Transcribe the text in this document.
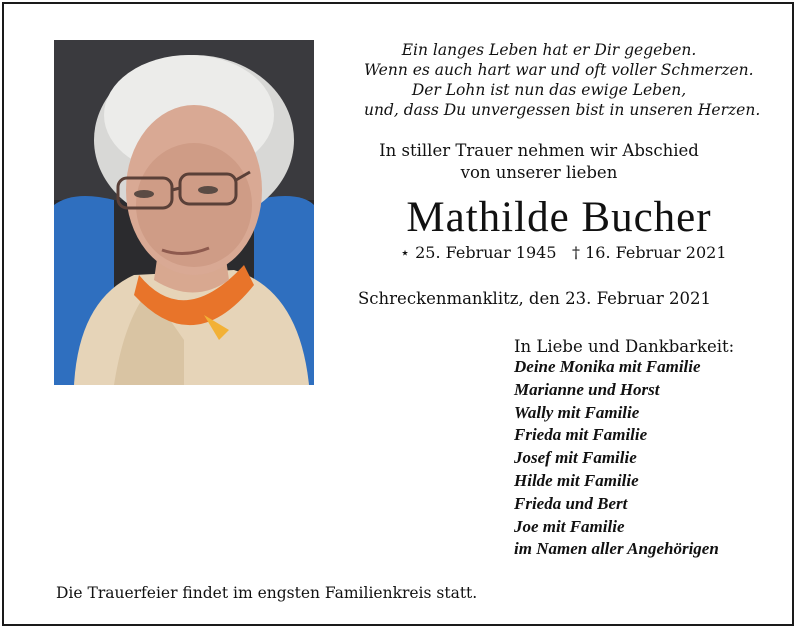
Ein langes Leben hat er Dir gegeben.
Wenn es auch hart war und oft voller Schmerzen.
Der Lohn ist nun das ewige Leben,
und, dass Du unvergessen bist in unseren Herzen.
In stiller Trauer nehmen wir Abschied
von unserer lieben
Mathilde Bucher
⋆ 25. Februar 1945 † 16. Februar 2021
Schreckenmanklitz, den 23. Februar 2021
In Liebe und Dankbarkeit:
Deine Monika mit Familie
Marianne und Horst
Wally mit Familie
Frieda mit Familie
Josef mit Familie
Hilde mit Familie
Frieda und Bert
Joe mit Familie
im Namen aller Angehörigen
Die Trauerfeier findet im engsten Familienkreis statt.
